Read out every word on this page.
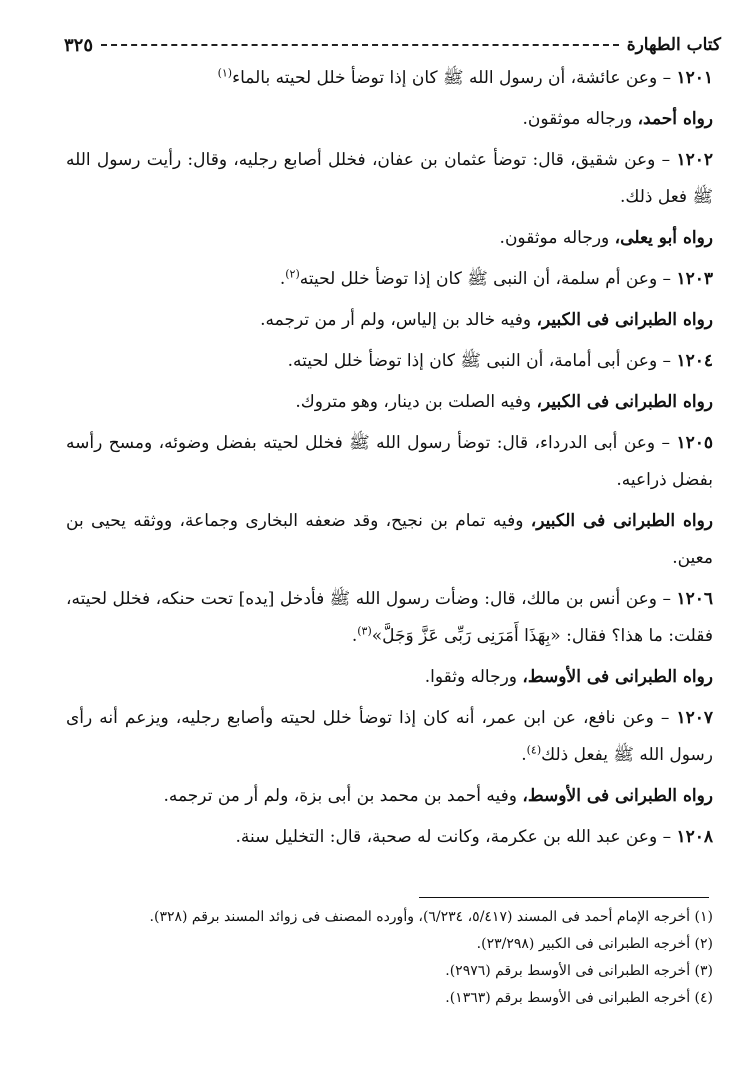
كتاب الطهارة
٣٢٥

١٢٠١ – وعن عائشة، أن رسول الله ﷺ كان إذا توضأ خلل لحيته بالماء$^{(١)}$

رواه أحمد، ورجاله موثقون.

١٢٠٢ – وعن شقيق، قال: توضأ عثمان بن عفان، فخلل أصابع رجليه، وقال: رأيت رسول الله ﷺ فعل ذلك.

رواه أبو يعلى، ورجاله موثقون.

١٢٠٣ – وعن أم سلمة، أن النبى ﷺ كان إذا توضأ خلل لحيته$^{(٢)}$.

رواه الطبرانى فى الكبير، وفيه خالد بن إلياس، ولم أر من ترجمه.

١٢٠٤ – وعن أبى أمامة، أن النبى ﷺ كان إذا توضأ خلل لحيته.

رواه الطبرانى فى الكبير، وفيه الصلت بن دينار، وهو متروك.

١٢٠٥ – وعن أبى الدرداء، قال: توضأ رسول الله ﷺ فخلل لحيته بفضل وضوئه، ومسح رأسه بفضل ذراعيه.

رواه الطبرانى فى الكبير، وفيه تمام بن نجيح، وقد ضعفه البخارى وجماعة، ووثقه يحيى بن معين.

١٢٠٦ – وعن أنس بن مالك، قال: وضأت رسول الله ﷺ فأدخل [يده] تحت حنكه، فخلل لحيته، فقلت: ما هذا؟ فقال: «بِهَذَا أَمَرَنِى رَبِّى عَزَّ وَجَلَّ»$^{(٣)}$.

رواه الطبرانى فى الأوسط، ورجاله وثقوا.

١٢٠٧ – وعن نافع، عن ابن عمر، أنه كان إذا توضأ خلل لحيته وأصابع رجليه، ويزعم أنه رأى رسول الله ﷺ يفعل ذلك$^{(٤)}$.

رواه الطبرانى فى الأوسط، وفيه أحمد بن محمد بن أبى بزة، ولم أر من ترجمه.

١٢٠٨ – وعن عبد الله بن عكرمة، وكانت له صحبة، قال: التخليل سنة.

(١) أخرجه الإمام أحمد فى المسند (٥/٤١٧، ٦/٢٣٤)، وأورده المصنف فى زوائد المسند برقم (٣٢٨).

(٢) أخرجه الطبرانى فى الكبير (٢٣/٢٩٨).

(٣) أخرجه الطبرانى فى الأوسط برقم (٢٩٧٦).

(٤) أخرجه الطبرانى فى الأوسط برقم (١٣٦٣).
